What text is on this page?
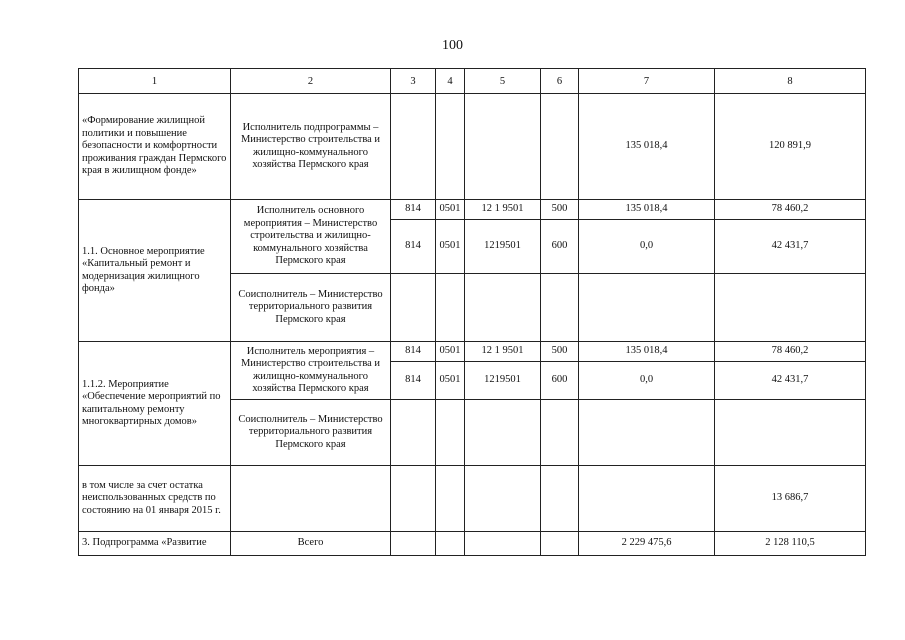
100
1	2	3	4	5	6	7	8
«Формирование жилищной политики и повышение безопасности и комфортности проживания граждан Пермского края в жилищном фонде»	Исполнитель подпрограммы – Министерство строительства и жилищно-коммунального хозяйства Пермского края					135 018,4	120 891,9
1.1. Основное мероприятие «Капитальный ремонт и модернизация жилищного фонда»	Исполнитель основного мероприятия – Министерство строительства и жилищно-коммунального хозяйства Пермского края	814	0501	12 1 9501	500	135 018,4	78 460,2
		814	0501	1219501	600	0,0	42 431,7
	Соисполнитель – Министерство территориального развития Пермского края						
1.1.2. Мероприятие «Обеспечение мероприятий по капитальному ремонту многоквартирных домов»	Исполнитель мероприятия – Министерство строительства и жилищно-коммунального хозяйства Пермского края	814	0501	12 1 9501	500	135 018,4	78 460,2
		814	0501	1219501	600	0,0	42 431,7
	Соисполнитель – Министерство территориального развития Пермского края						
в том числе за счет остатка неиспользованных средств по состоянию на 01 января 2015 г.							13 686,7
3. Подпрограмма «Развитие	Всего					2 229 475,6	2 128 110,5
